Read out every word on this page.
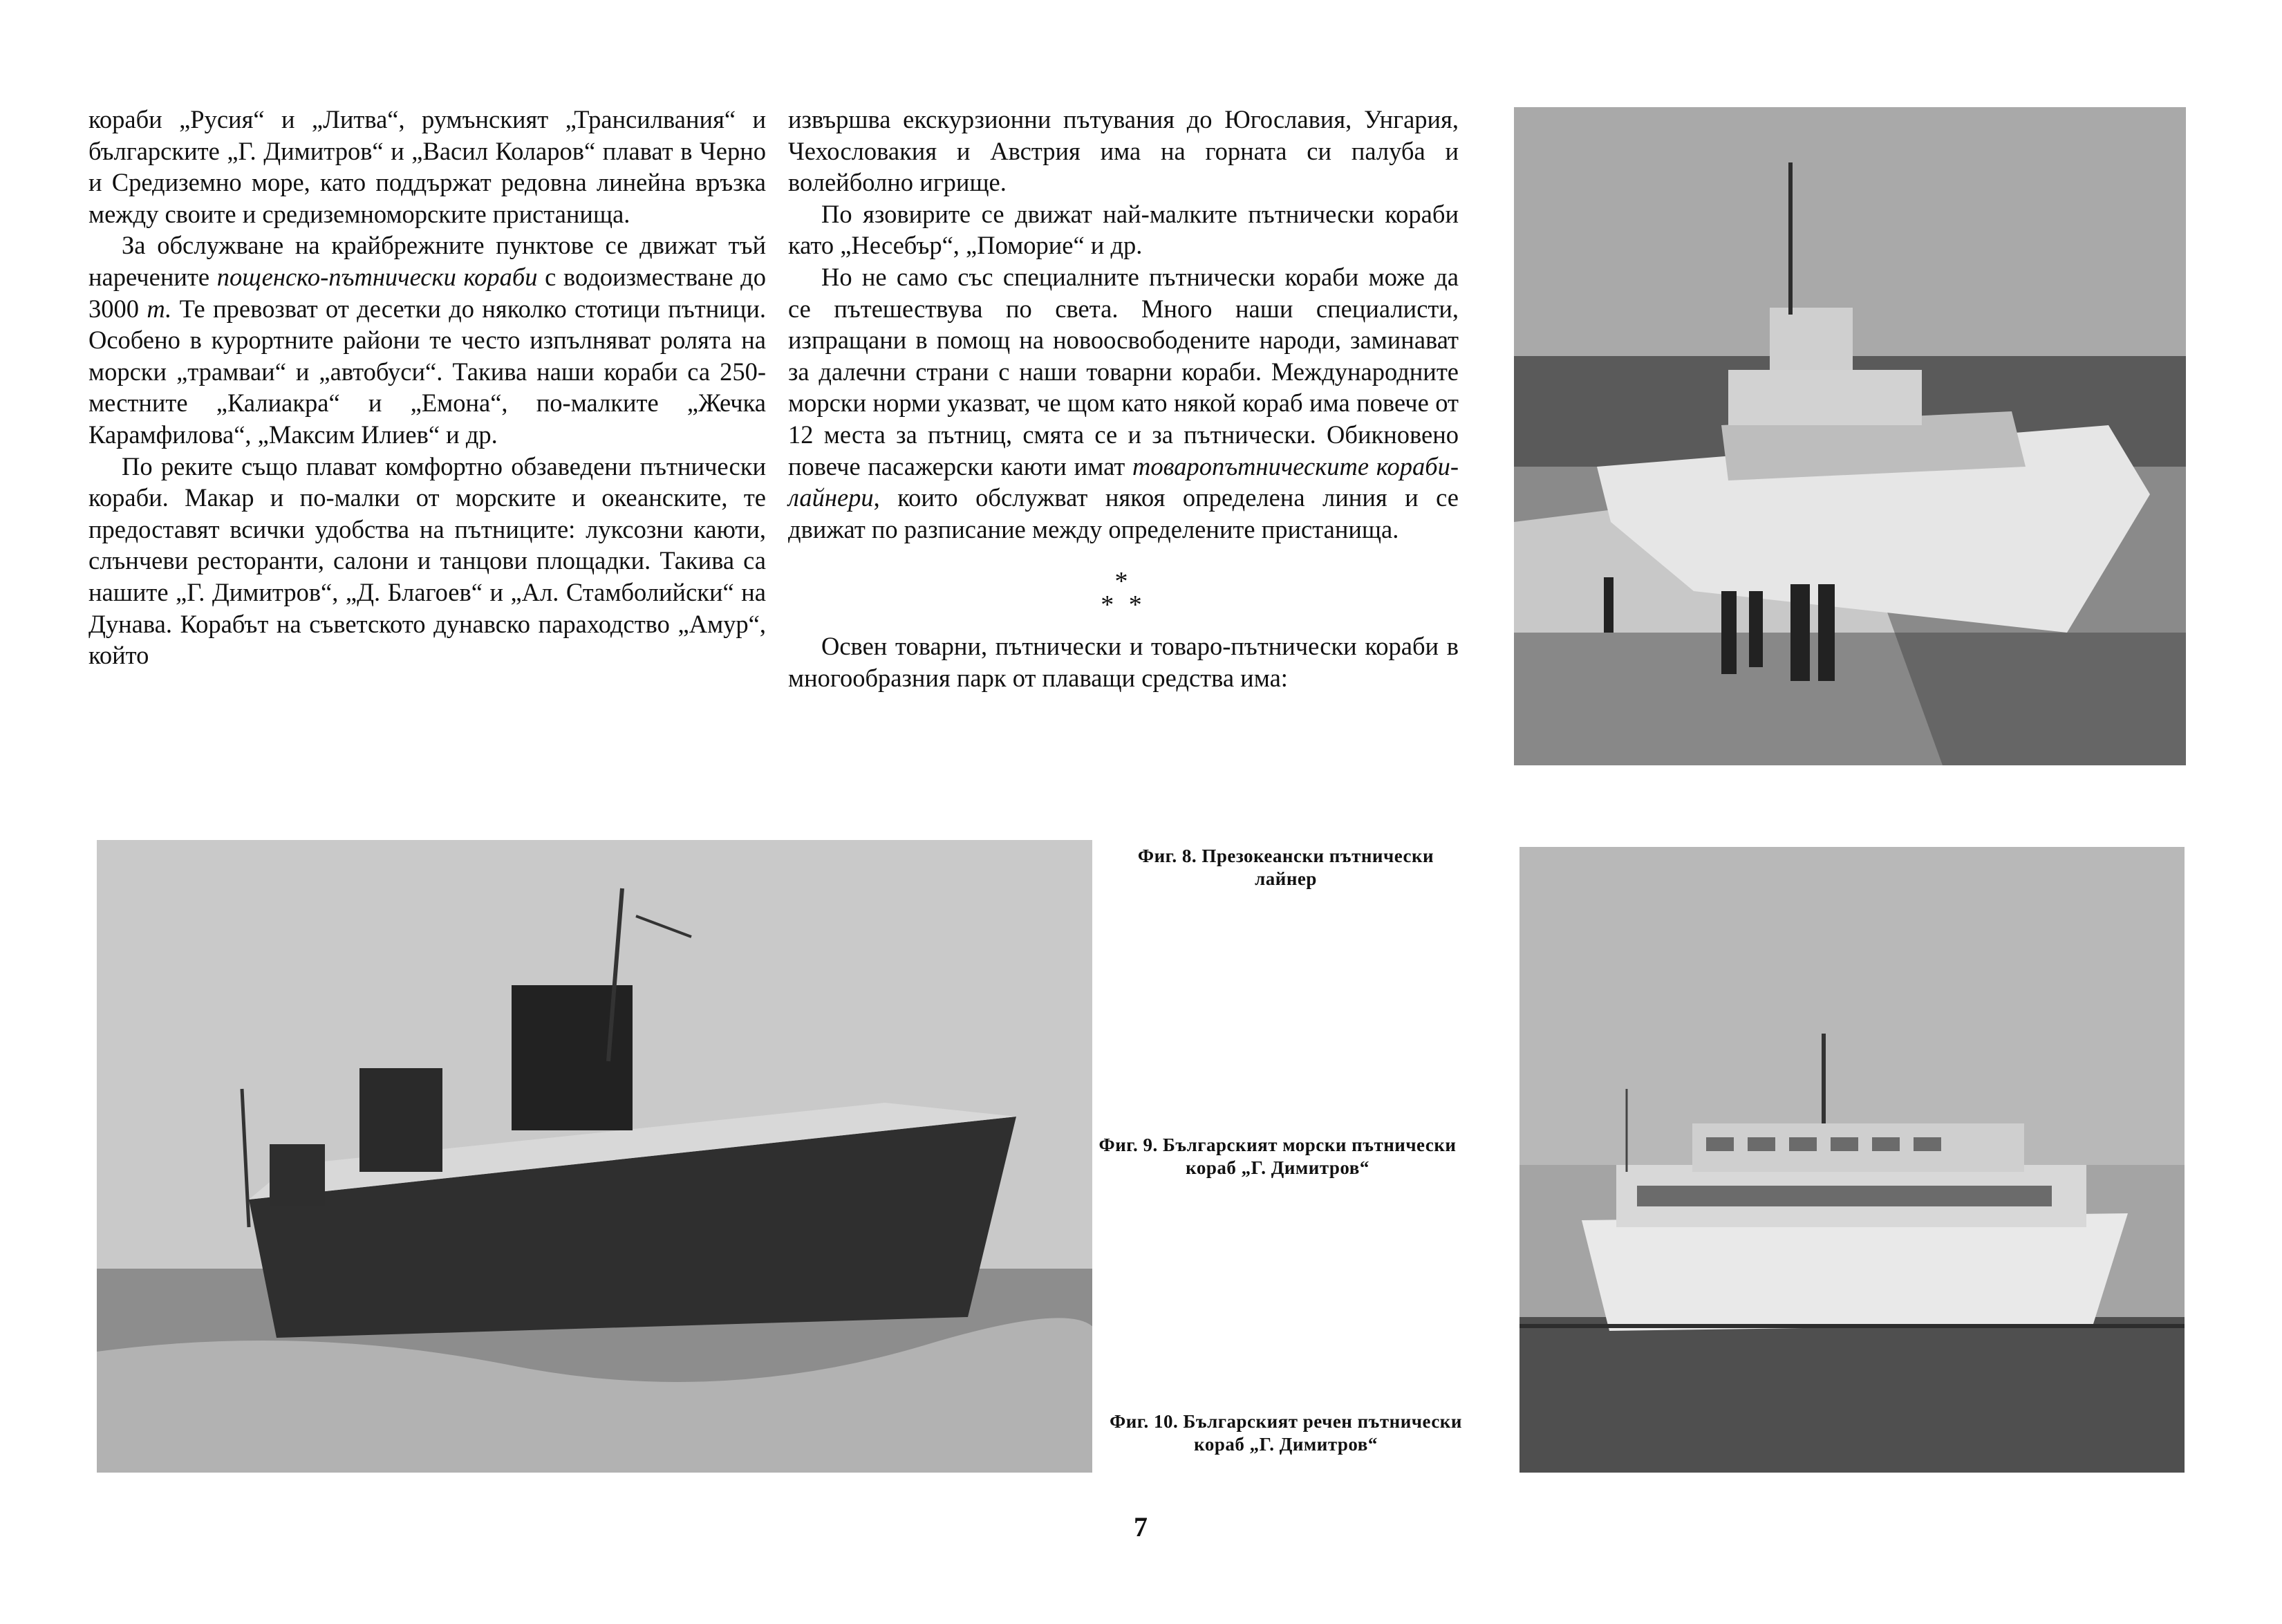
кораби „Русия“ и „Литва“, румънският „Трансилвания“ и българските „Г. Димитров“ и „Васил Коларов“ плават в Черно и Средиземно море, като поддържат редовна линейна връзка между своите и средиземноморските пристанища.

За обслужване на крайбрежните пунктове се движат тъй наречените пощенско-пътнически кораби с водоизместване до 3000 т. Те превозват от десетки до няколко стотици пътници. Особено в курортните райони те често изпълняват ролята на морски „трамваи“ и „автобуси“. Такива наши кораби са 250-местните „Калиакра“ и „Емона“, по-малките „Жечка Карамфилова“, „Максим Илиев“ и др.

По реките също плават комфортно обзаведени пътнически кораби. Макар и по-малки от морските и океанските, те предоставят всички удобства на пътниците: луксозни каюти, слънчеви ресторанти, салони и танцови площадки. Такива са нашите „Г. Димитров“, „Д. Благоев“ и „Ал. Стамболийски“ на Дунава. Корабът на съветското дунавско параходство „Амур“, който

извършва екскурзионни пътувания до Югославия, Унгария, Чехословакия и Австрия има на горната си палуба и волейболно игрище.

По язовирите се движат най-малките пътнически кораби като „Несебър“, „Поморие“ и др.

Но не само със специалните пътнически кораби може да се пътешествува по света. Много наши специалисти, изпращани в помощ на новоосвободените народи, заминават за далечни страни с наши товарни кораби. Международните морски норми указват, че щом като някой кораб има повече от 12 места за пътниц, смята се и за пътнически. Обикновено повече пасажерски каюти имат товаропътническите кораби-лайнери, които обслужват някоя определена линия и се движат по разписание между определените пристанища.

*
* *

Освен товарни, пътнически и товаро-пътнически кораби в многообразния парк от плаващи средства има:

Фиг. 8. Презокеански пътнически лайнер
Фиг. 9. Българският морски пътнически кораб „Г. Димитров“
Фиг. 10. Българският речен пътнически кораб „Г. Димитров“
7
